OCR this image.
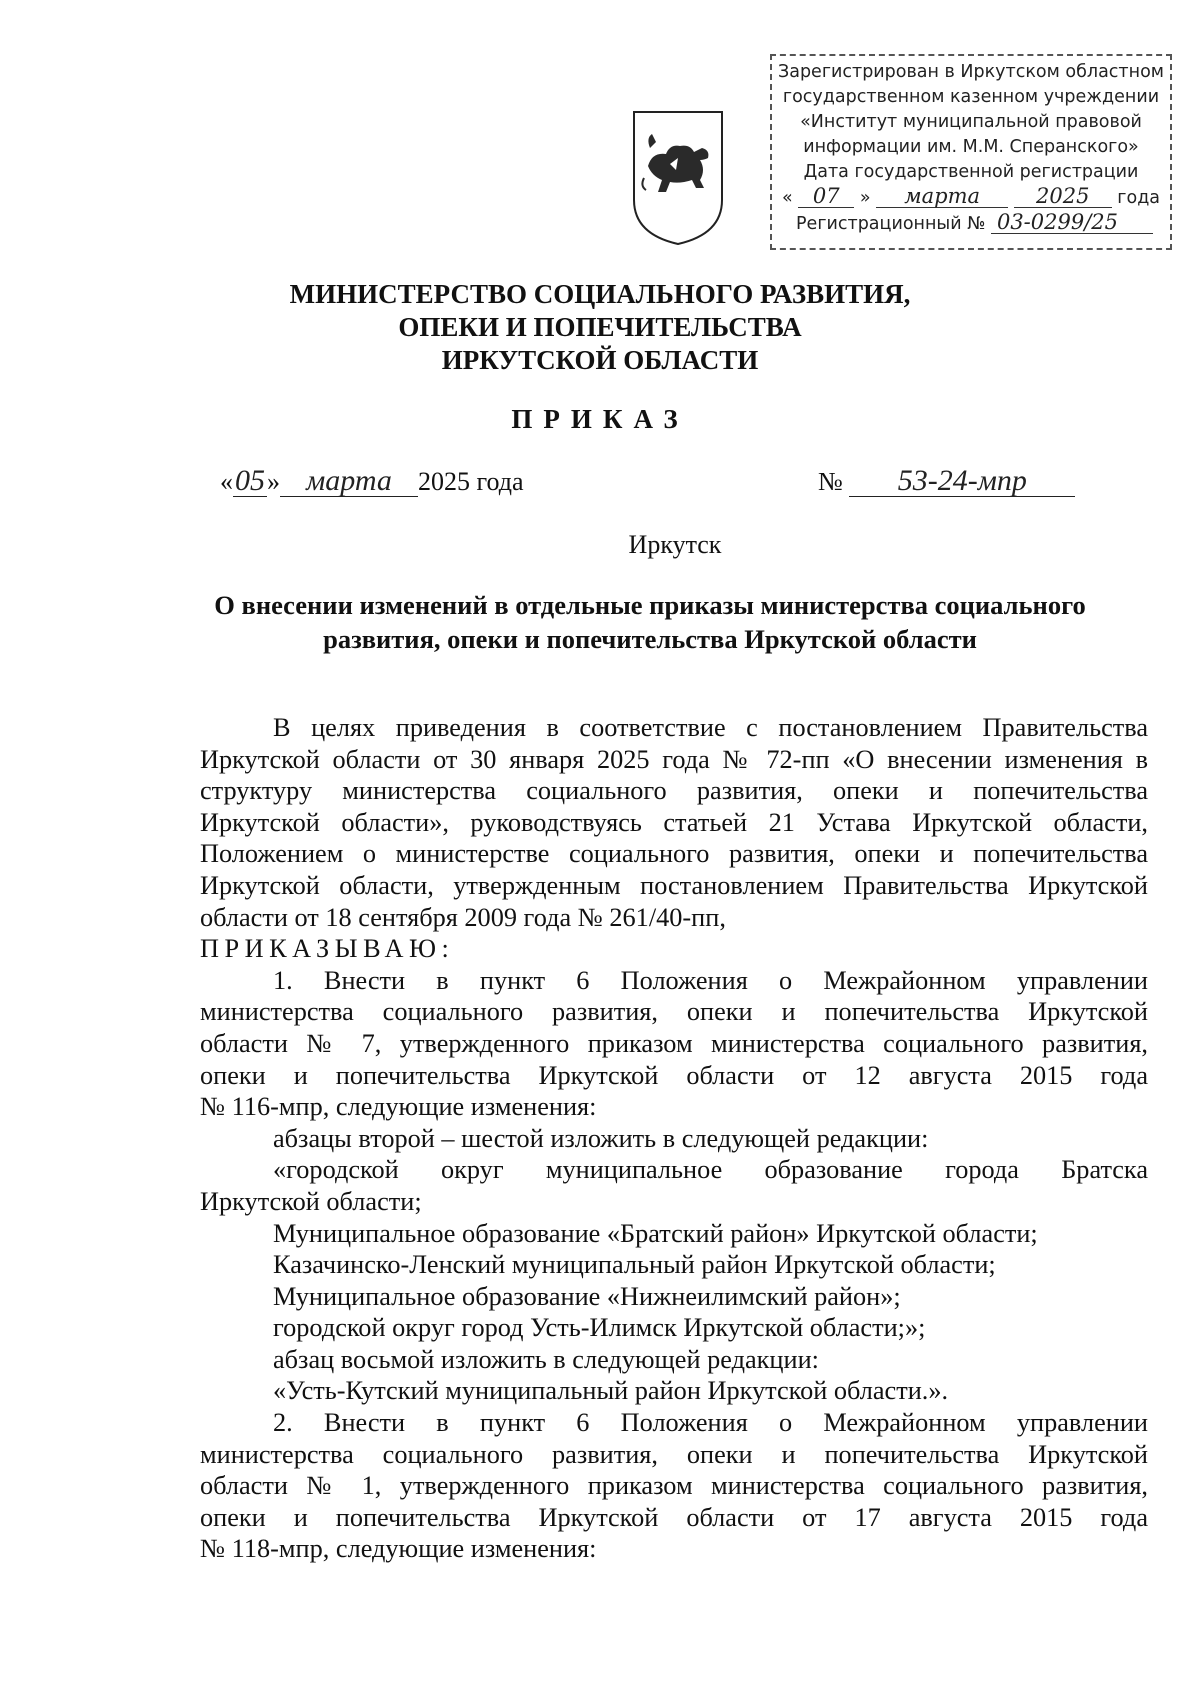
Зарегистрирован в Иркутском областном
государственном казенном учреждении
«Институт муниципальной правовой
информации им. М.М. Сперанского»
Дата государственной регистрации
« 07 » марта	2025 года
Регистрационный № 03-0299/25
МИНИСТЕРСТВО СОЦИАЛЬНОГО РАЗВИТИЯ,
ОПЕКИ И ПОПЕЧИТЕЛЬСТВА
ИРКУТСКОЙ ОБЛАСТИ
ПРИКАЗ
«05» марта 2025 года	№ 53-24-мпр
Иркутск
О внесении изменений в отдельные приказы министерства социального
развития, опеки и попечительства Иркутской области

В целях приведения в соответствие с постановлением Правительства

Иркутской области от 30 января 2025 года № 72-пп «О внесении изменения в

структуру министерства социального развития, опеки и попечительства

Иркутской области», руководствуясь статьей 21 Устава Иркутской области,

Положением о министерстве социального развития, опеки и попечительства

Иркутской области, утвержденным постановлением Правительства Иркутской

области от 18 сентября 2009 года № 261/40-пп,

ПРИКАЗЫВАЮ:

1. Внести в пункт 6 Положения о Межрайонном управлении

министерства социального развития, опеки и попечительства Иркутской

области № 7, утвержденного приказом министерства социального развития,

опеки и попечительства Иркутской области от 12 августа 2015 года

№ 116-мпр, следующие изменения:

абзацы второй – шестой изложить в следующей редакции:

«городской округ муниципальное образование города Братска

Иркутской области;

Муниципальное образование «Братский район» Иркутской области;

Казачинско-Ленский муниципальный район Иркутской области;

Муниципальное образование «Нижнеилимский район»;

городской округ город Усть-Илимск Иркутской области;»;

абзац восьмой изложить в следующей редакции:

«Усть-Кутский муниципальный район Иркутской области.».

2. Внести в пункт 6 Положения о Межрайонном управлении

министерства социального развития, опеки и попечительства Иркутской

области № 1, утвержденного приказом министерства социального развития,

опеки и попечительства Иркутской области от 17 августа 2015 года

№ 118-мпр, следующие изменения:
